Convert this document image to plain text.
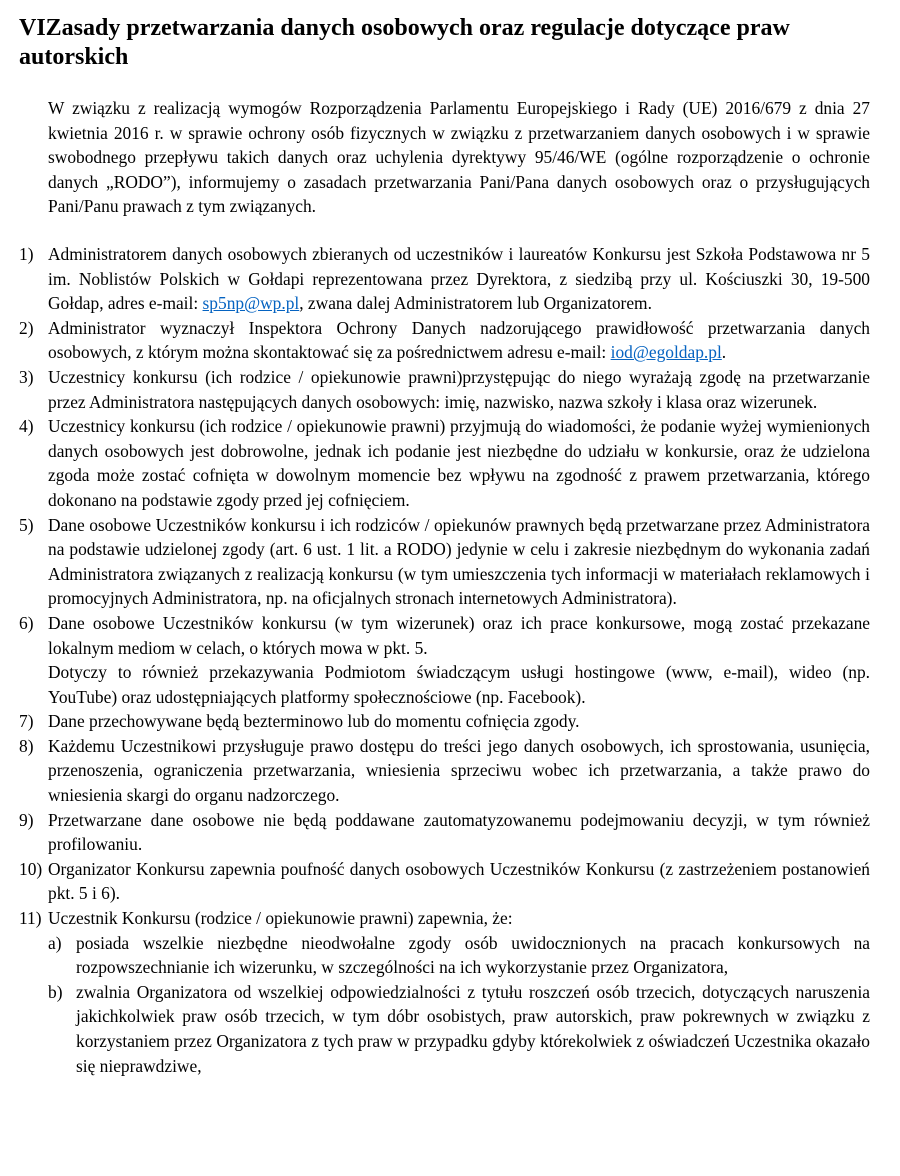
VIZasady przetwarzania danych osobowych oraz regulacje dotyczące praw autorskich

W związku z realizacją wymogów Rozporządzenia Parlamentu Europejskiego i Rady (UE) 2016/679 z dnia 27 kwietnia 2016 r. w sprawie ochrony osób fizycznych w związku z przetwarzaniem danych osobowych i w sprawie swobodnego przepływu takich danych oraz uchylenia dyrektywy 95/46/WE (ogólne rozporządzenie o ochronie danych „RODO”), informujemy o zasadach przetwarzania Pani/Pana danych osobowych oraz o przysługujących Pani/Panu prawach z tym związanych.

1) Administratorem danych osobowych zbieranych od uczestników i laureatów Konkursu jest Szkoła Podstawowa nr 5 im. Noblistów Polskich w Gołdapi reprezentowana przez Dyrektora, z siedzibą przy ul. Kościuszki 30, 19-500 Gołdap, adres e-mail: sp5np@wp.pl, zwana dalej Administratorem lub Organizatorem.

2) Administrator wyznaczył Inspektora Ochrony Danych nadzorującego prawidłowość przetwarzania danych osobowych, z którym można skontaktować się za pośrednictwem adresu e-mail: iod@egoldap.pl.

3) Uczestnicy konkursu (ich rodzice / opiekunowie prawni)przystępując do niego wyrażają zgodę na przetwarzanie przez Administratora następujących danych osobowych: imię, nazwisko, nazwa szkoły i klasa oraz wizerunek.

4) Uczestnicy konkursu (ich rodzice / opiekunowie prawni) przyjmują do wiadomości, że podanie wyżej wymienionych danych osobowych jest dobrowolne, jednak ich podanie jest niezbędne do udziału w konkursie, oraz że udzielona zgoda może zostać cofnięta w dowolnym momencie bez wpływu na zgodność z prawem przetwarzania, którego dokonano na podstawie zgody przed jej cofnięciem.

5) Dane osobowe Uczestników konkursu i ich rodziców / opiekunów prawnych będą przetwarzane przez Administratora na podstawie udzielonej zgody (art. 6 ust. 1 lit. a RODO) jedynie w celu i zakresie niezbędnym do wykonania zadań Administratora związanych z realizacją konkursu (w tym umieszczenia tych informacji w materiałach reklamowych i promocyjnych Administratora, np. na oficjalnych stronach internetowych Administratora).

6) Dane osobowe Uczestników konkursu (w tym wizerunek) oraz ich prace konkursowe, mogą zostać przekazane lokalnym mediom w celach, o których mowa w pkt. 5.

Dotyczy to również przekazywania Podmiotom świadczącym usługi hostingowe (www, e-mail), wideo (np. YouTube) oraz udostępniających platformy społecznościowe (np. Facebook).

7) Dane przechowywane będą bezterminowo lub do momentu cofnięcia zgody.

8) Każdemu Uczestnikowi przysługuje prawo dostępu do treści jego danych osobowych, ich sprostowania, usunięcia, przenoszenia, ograniczenia przetwarzania, wniesienia sprzeciwu wobec ich przetwarzania, a także prawo do wniesienia skargi do organu nadzorczego.

9) Przetwarzane dane osobowe nie będą poddawane zautomatyzowanemu podejmowaniu decyzji, w tym również profilowaniu.

10) Organizator Konkursu zapewnia poufność danych osobowych Uczestników Konkursu (z zastrzeżeniem postanowień pkt. 5 i 6).

11) Uczestnik Konkursu (rodzice / opiekunowie prawni) zapewnia, że:

a) posiada wszelkie niezbędne nieodwołalne zgody osób uwidocznionych na pracach konkursowych na rozpowszechnianie ich wizerunku, w szczególności na ich wykorzystanie przez Organizatora,

b) zwalnia Organizatora od wszelkiej odpowiedzialności z tytułu roszczeń osób trzecich, dotyczących naruszenia jakichkolwiek praw osób trzecich, w tym dóbr osobistych, praw autorskich, praw pokrewnych w związku z korzystaniem przez Organizatora z tych praw w przypadku gdyby którekolwiek z oświadczeń Uczestnika okazało się nieprawdziwe,
